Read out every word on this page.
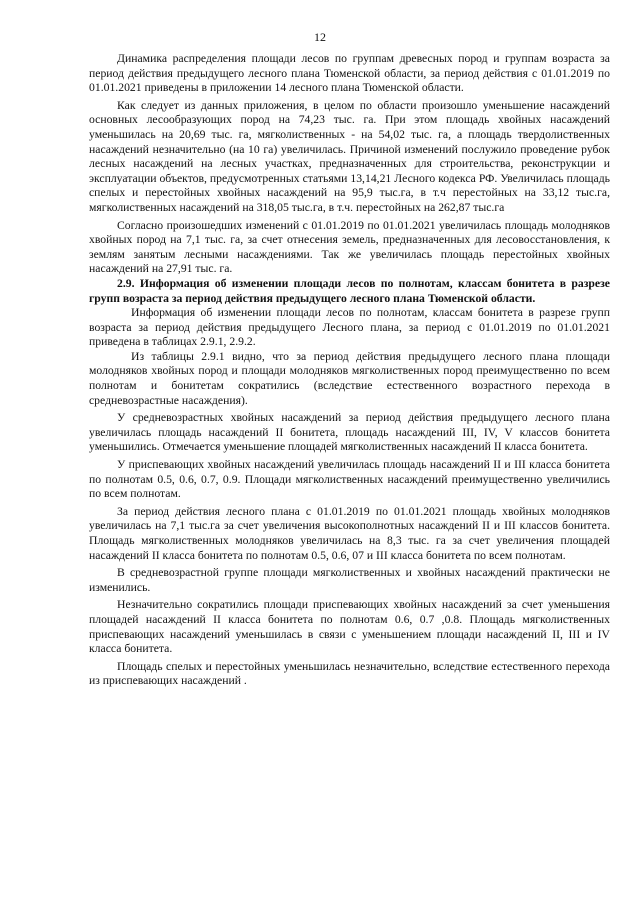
12

Динамика распределения площади лесов по группам древесных пород и группам возраста за период действия предыдущего лесного плана Тюменской области, за период действия с 01.01.2019 по 01.01.2021 приведены в приложении 14 лесного плана Тюменской области.

Как следует из данных приложения, в целом по области произошло уменьшение насаждений основных лесообразующих пород на 74,23 тыс. га. При этом площадь хвойных насаждений уменьшилась на 20,69 тыс. га, мягколиственных - на 54,02 тыс. га, а площадь твердолиственных насаждений незначительно (на 10 га) увеличилась. Причиной изменений послужило проведение рубок лесных насаждений на лесных участках, предназначенных для строительства, реконструкции и эксплуатации объектов, предусмотренных статьями 13,14,21 Лесного кодекса РФ. Увеличилась площадь спелых и перестойных хвойных насаждений на 95,9 тыс.га, в т.ч перестойных на 33,12 тыс.га, мягколиственных насаждений на 318,05 тыс.га, в т.ч. перестойных на 262,87 тыс.га

Согласно произошедших изменений с 01.01.2019 по 01.01.2021 увеличилась площадь молодняков хвойных пород на 7,1 тыс. га, за счет отнесения земель, предназначенных для лесовосстановления, к землям занятым лесными насаждениями. Так же увеличилась площадь перестойных хвойных насаждений на 27,91 тыс. га.

2.9. Информация об изменении площади лесов по полнотам, классам бонитета в разрезе групп возраста за период действия предыдущего лесного плана Тюменской области.

Информация об изменении площади лесов по полнотам, классам бонитета в разрезе групп возраста за период действия предыдущего Лесного плана, за период с 01.01.2019 по 01.01.2021 приведена в таблицах 2.9.1, 2.9.2.

Из таблицы 2.9.1 видно, что за период действия предыдущего лесного плана площади молодняков хвойных пород и площади молодняков мягколиственных пород преимущественно по всем полнотам и бонитетам сократились (вследствие естественного возрастного перехода в средневозрастные насаждения).

У средневозрастных хвойных насаждений за период действия предыдущего лесного плана увеличилась площадь насаждений II бонитета, площадь насаждений III, IV, V классов бонитета уменьшились. Отмечается уменьшение площадей мягколиственных насаждений II класса бонитета.

У приспевающих хвойных насаждений увеличилась площадь насаждений II и III класса бонитета по полнотам 0.5, 0.6, 0.7, 0.9. Площади мягколиственных насаждений преимущественно увеличились по всем полнотам.

За период действия лесного плана с 01.01.2019 по 01.01.2021 площадь хвойных молодняков увеличилась на 7,1 тыс.га за счет увеличения высокополнотных насаждений II и III классов бонитета. Площадь мягколиственных молодняков увеличилась на 8,3 тыс. га за счет увеличения площадей насаждений II класса бонитета по полнотам 0.5, 0.6, 07 и III класса бонитета по всем полнотам.

В средневозрастной группе площади мягколиственных и хвойных насаждений практически не изменились.

Незначительно сократились площади приспевающих хвойных насаждений за счет уменьшения площадей насаждений II класса бонитета по полнотам 0.6, 0.7 ,0.8. Площадь мягколиственных приспевающих насаждений уменьшилась в связи с уменьшением площади насаждений II, III и IV класса бонитета.

Площадь спелых и перестойных уменьшилась незначительно, вследствие естественного перехода из приспевающих насаждений .
